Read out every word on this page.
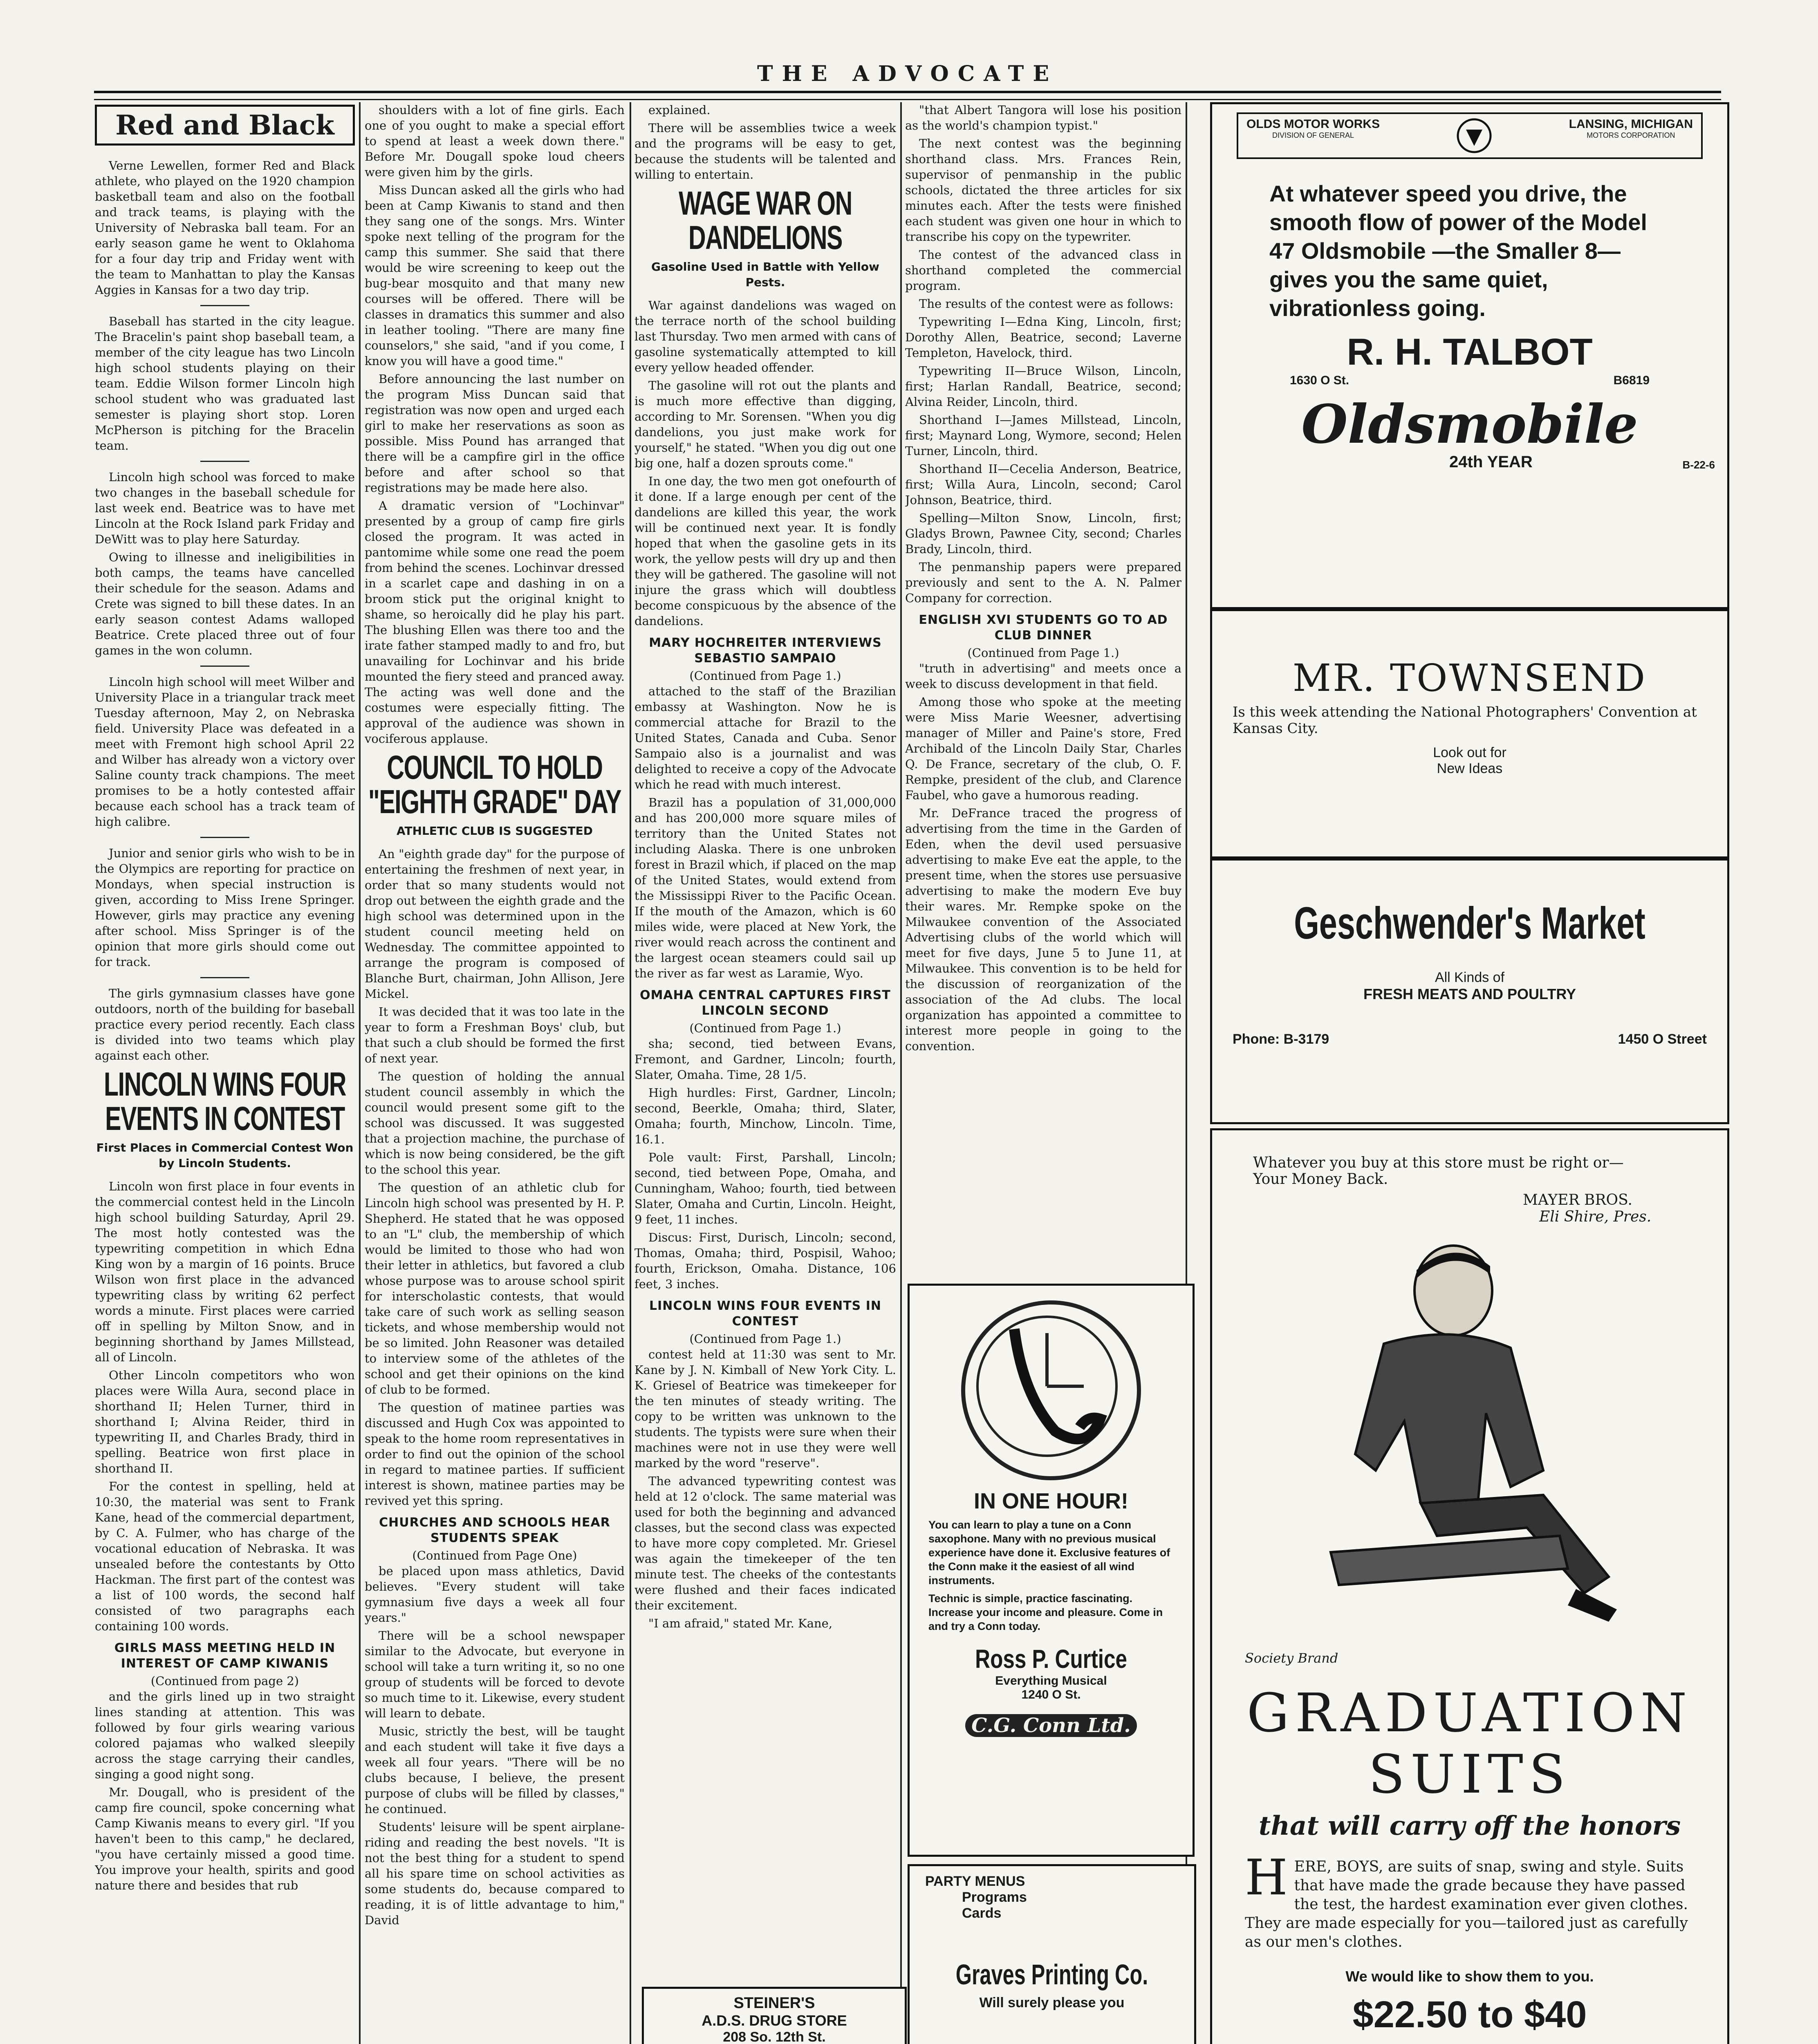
THE ADVOCATE
Red and Black

Verne Lewellen, former Red and Black athlete, who played on the 1920 champion basketball team and also on the football and track teams, is playing with the University of Nebraska ball team. For an early season game he went to Oklahoma for a four day trip and Friday went with the team to Manhattan to play the Kansas Aggies in Kansas for a two day trip.

Baseball has started in the city league. The Bracelin's paint shop baseball team, a member of the city league has two Lincoln high school students playing on their team. Eddie Wilson former Lincoln high school student who was graduated last semester is playing short stop. Loren McPherson is pitching for the Bracelin team.

Lincoln high school was forced to make two changes in the baseball schedule for last week end. Beatrice was to have met Lincoln at the Rock Island park Friday and DeWitt was to play here Saturday.

Owing to illnesse and ineligibilities in both camps, the teams have cancelled their schedule for the season. Adams and Crete was signed to bill these dates. In an early season contest Adams walloped Beatrice. Crete placed three out of four games in the won column.

Lincoln high school will meet Wilber and University Place in a triangular track meet Tuesday afternoon, May 2, on Nebraska field. University Place was defeated in a meet with Fremont high school April 22 and Wilber has already won a victory over Saline county track champions. The meet promises to be a hotly contested affair because each school has a track team of high calibre.

Junior and senior girls who wish to be in the Olympics are reporting for practice on Mondays, when special instruction is given, according to Miss Irene Springer. However, girls may practice any evening after school. Miss Springer is of the opinion that more girls should come out for track.

The girls gymnasium classes have gone outdoors, north of the building for baseball practice every period recently. Each class is divided into two teams which play against each other.

LINCOLN WINS FOUR EVENTS IN CONTEST
First Places in Commercial Contest Won by Lincoln Students.

Lincoln won first place in four events in the commercial contest held in the Lincoln high school building Saturday, April 29. The most hotly contested was the typewriting competition in which Edna King won by a margin of 16 points. Bruce Wilson won first place in the advanced typewriting class by writing 62 perfect words a minute. First places were carried off in spelling by Milton Snow, and in beginning shorthand by James Millstead, all of Lincoln.

Other Lincoln competitors who won places were Willa Aura, second place in shorthand II; Helen Turner, third in shorthand I; Alvina Reider, third in typewriting II, and Charles Brady, third in spelling. Beatrice won first place in shorthand II.

For the contest in spelling, held at 10:30, the material was sent to Frank Kane, head of the commercial department, by C. A. Fulmer, who has charge of the vocational education of Nebraska. It was unsealed before the contestants by Otto Hackman. The first part of the contest was a list of 100 words, the second half consisted of two paragraphs each containing 100 words.

GIRLS MASS MEETING HELD IN INTEREST OF CAMP KIWANIS
(Continued from page 2)

and the girls lined up in two straight lines standing at attention. This was followed by four girls wearing various colored pajamas who walked sleepily across the stage carrying their candles, singing a good night song.

Mr. Dougall, who is president of the camp fire council, spoke concerning what Camp Kiwanis means to every girl. "If you haven't been to this camp," he declared, "you have certainly missed a good time. You improve your health, spirits and good nature there and besides that rub

shoulders with a lot of fine girls. Each one of you ought to make a special effort to spend at least a week down there." Before Mr. Dougall spoke loud cheers were given him by the girls.

Miss Duncan asked all the girls who had been at Camp Kiwanis to stand and then they sang one of the songs. Mrs. Winter spoke next telling of the program for the camp this summer. She said that there would be wire screening to keep out the bug-bear mosquito and that many new courses will be offered. There will be classes in dramatics this summer and also in leather tooling. "There are many fine counselors," she said, "and if you come, I know you will have a good time."

Before announcing the last number on the program Miss Duncan said that registration was now open and urged each girl to make her reservations as soon as possible. Miss Pound has arranged that there will be a campfire girl in the office before and after school so that registrations may be made here also.

A dramatic version of "Lochinvar" presented by a group of camp fire girls closed the program. It was acted in pantomime while some one read the poem from behind the scenes. Lochinvar dressed in a scarlet cape and dashing in on a broom stick put the original knight to shame, so heroically did he play his part. The blushing Ellen was there too and the irate father stamped madly to and fro, but unavailing for Lochinvar and his bride mounted the fiery steed and pranced away. The acting was well done and the costumes were especially fitting. The approval of the audience was shown in vociferous applause.

COUNCIL TO HOLD "EIGHTH GRADE" DAY
ATHLETIC CLUB IS SUGGESTED

An "eighth grade day" for the purpose of entertaining the freshmen of next year, in order that so many students would not drop out between the eighth grade and the high school was determined upon in the student council meeting held on Wednesday. The committee appointed to arrange the program is composed of Blanche Burt, chairman, John Allison, Jere Mickel.

It was decided that it was too late in the year to form a Freshman Boys' club, but that such a club should be formed the first of next year.

The question of holding the annual student council assembly in which the council would present some gift to the school was discussed. It was suggested that a projection machine, the purchase of which is now being considered, be the gift to the school this year.

The question of an athletic club for Lincoln high school was presented by H. P. Shepherd. He stated that he was opposed to an "L" club, the membership of which would be limited to those who had won their letter in athletics, but favored a club whose purpose was to arouse school spirit for interscholastic contests, that would take care of such work as selling season tickets, and whose membership would not be so limited. John Reasoner was detailed to interview some of the athletes of the school and get their opinions on the kind of club to be formed.

The question of matinee parties was discussed and Hugh Cox was appointed to speak to the home room representatives in order to find out the opinion of the school in regard to matinee parties. If sufficient interest is shown, matinee parties may be revived yet this spring.

CHURCHES AND SCHOOLS HEAR STUDENTS SPEAK
(Continued from Page One)

be placed upon mass athletics, David believes. "Every student will take gymnasium five days a week all four years."

There will be a school newspaper similar to the Advocate, but everyone in school will take a turn writing it, so no one group of students will be forced to devote so much time to it. Likewise, every student will learn to debate.

Music, strictly the best, will be taught and each student will take it five days a week all four years. "There will be no clubs because, I believe, the present purpose of clubs will be filled by classes," he continued.

Students' leisure will be spent airplane-riding and reading the best novels. "It is not the best thing for a student to spend all his spare time on school activities as some students do, because compared to reading, it is of little advantage to him," David

explained.

There will be assemblies twice a week and the programs will be easy to get, because the students will be talented and willing to entertain.

WAGE WAR ON DANDELIONS
Gasoline Used in Battle with Yellow Pests.

War against dandelions was waged on the terrace north of the school building last Thursday. Two men armed with cans of gasoline systematically attempted to kill every yellow headed offender.

The gasoline will rot out the plants and is much more effective than digging, according to Mr. Sorensen. "When you dig dandelions, you just make work for yourself," he stated. "When you dig out one big one, half a dozen sprouts come."

In one day, the two men got onefourth of it done. If a large enough per cent of the dandelions are killed this year, the work will be continued next year. It is fondly hoped that when the gasoline gets in its work, the yellow pests will dry up and then they will be gathered. The gasoline will not injure the grass which will doubtless become conspicuous by the absence of the dandelions.

MARY HOCHREITER INTERVIEWS SEBASTIO SAMPAIO
(Continued from Page 1.)

attached to the staff of the Brazilian embassy at Washington. Now he is commercial attache for Brazil to the United States, Canada and Cuba. Senor Sampaio also is a journalist and was delighted to receive a copy of the Advocate which he read with much interest.

Brazil has a population of 31,000,000 and has 200,000 more square miles of territory than the United States not including Alaska. There is one unbroken forest in Brazil which, if placed on the map of the United States, would extend from the Mississippi River to the Pacific Ocean. If the mouth of the Amazon, which is 60 miles wide, were placed at New York, the river would reach across the continent and the largest ocean steamers could sail up the river as far west as Laramie, Wyo.

OMAHA CENTRAL CAPTURES FIRST LINCOLN SECOND
(Continued from Page 1.)

sha; second, tied between Evans, Fremont, and Gardner, Lincoln; fourth, Slater, Omaha. Time, 28 1/5.

High hurdles: First, Gardner, Lincoln; second, Beerkle, Omaha; third, Slater, Omaha; fourth, Minchow, Lincoln. Time, 16.1.

Pole vault: First, Parshall, Lincoln; second, tied between Pope, Omaha, and Cunningham, Wahoo; fourth, tied between Slater, Omaha and Curtin, Lincoln. Height, 9 feet, 11 inches.

Discus: First, Durisch, Lincoln; second, Thomas, Omaha; third, Pospisil, Wahoo; fourth, Erickson, Omaha. Distance, 106 feet, 3 inches.

LINCOLN WINS FOUR EVENTS IN CONTEST
(Continued from Page 1.)

contest held at 11:30 was sent to Mr. Kane by J. N. Kimball of New York City. L. K. Griesel of Beatrice was timekeeper for the ten minutes of steady writing. The copy to be written was unknown to the students. The typists were sure when their machines were not in use they were well marked by the word "reserve".

The advanced typewriting contest was held at 12 o'clock. The same material was used for both the beginning and advanced classes, but the second class was expected to have more copy completed. Mr. Griesel was again the timekeeper of the ten minute test. The cheeks of the contestants were flushed and their faces indicated their excitement.

"I am afraid," stated Mr. Kane,

STEINER'S
A.D.S. DRUG STORE
208 So. 12th St.

"that Albert Tangora will lose his position as the world's champion typist."

The next contest was the beginning shorthand class. Mrs. Frances Rein, supervisor of penmanship in the public schools, dictated the three articles for six minutes each. After the tests were finished each student was given one hour in which to transcribe his copy on the typewriter.

The contest of the advanced class in shorthand completed the commercial program.

The results of the contest were as follows:

Typewriting I—Edna King, Lincoln, first; Dorothy Allen, Beatrice, second; Laverne Templeton, Havelock, third.

Typewriting II—Bruce Wilson, Lincoln, first; Harlan Randall, Beatrice, second; Alvina Reider, Lincoln, third.

Shorthand I—James Millstead, Lincoln, first; Maynard Long, Wymore, second; Helen Turner, Lincoln, third.

Shorthand II—Cecelia Anderson, Beatrice, first; Willa Aura, Lincoln, second; Carol Johnson, Beatrice, third.

Spelling—Milton Snow, Lincoln, first; Gladys Brown, Pawnee City, second; Charles Brady, Lincoln, third.

The penmanship papers were prepared previously and sent to the A. N. Palmer Company for correction.

ENGLISH XVI STUDENTS GO TO AD CLUB DINNER
(Continued from Page 1.)

"truth in advertising" and meets once a week to discuss development in that field.

Among those who spoke at the meeting were Miss Marie Weesner, advertising manager of Miller and Paine's store, Fred Archibald of the Lincoln Daily Star, Charles Q. De France, secretary of the club, O. F. Rempke, president of the club, and Clarence Faubel, who gave a humorous reading.

Mr. DeFrance traced the progress of advertising from the time in the Garden of Eden, when the devil used persuasive advertising to make Eve eat the apple, to the present time, when the stores use persuasive advertising to make the modern Eve buy their wares. Mr. Rempke spoke on the Milwaukee convention of the Associated Advertising clubs of the world which will meet for five days, June 5 to June 11, at Milwaukee. This convention is to be held for the discussion of reorganization of the association of the Ad clubs. The local organization has appointed a committee to interest more people in going to the convention.

IN ONE HOUR!
You can learn to play a tune on a Conn saxophone. Many with no previous musical experience have done it. Exclusive features of the Conn make it the easiest of all wind instruments.
Technic is simple, practice fascinating. Increase your income and pleasure. Come in and try a Conn today.
Ross P. Curtice
Everything Musical
1240 O St.
C.G. Conn Ltd.
PARTY MENUS
Programs
Cards
Graves Printing Co.
Will surely please you
OLDS MOTOR WORKS
DIVISION OF GENERAL
LANSING, MICHIGAN
MOTORS CORPORATION
At whatever speed you drive, the smooth flow of power of the Model 47 Oldsmobile —the Smaller 8—gives you the same quiet, vibrationless going.
R. H. TALBOT
1630 O St.	B6819
Oldsmobile
24th YEAR	B-22-6
MR. TOWNSEND
Is this week attending the National Photographers' Convention at Kansas City.
Look out for
New Ideas
Geschwender's Market
All Kinds of
FRESH MEATS AND POULTRY
Phone: B-3179	1450 O Street
Whatever you buy at this store must be right or—
Your Money Back.
MAYER BROS.
Eli Shire, Pres.
Society Brand
GRADUATION
SUITS
that will carry off the honors
HERE, BOYS, are suits of snap, swing and style. Suits that have made the grade because they have passed the test, the hardest examination ever given clothes. They are made especially for you—tailored just as carefully as our men's clothes.
We would like to show them to you.
$22.50 to $40
